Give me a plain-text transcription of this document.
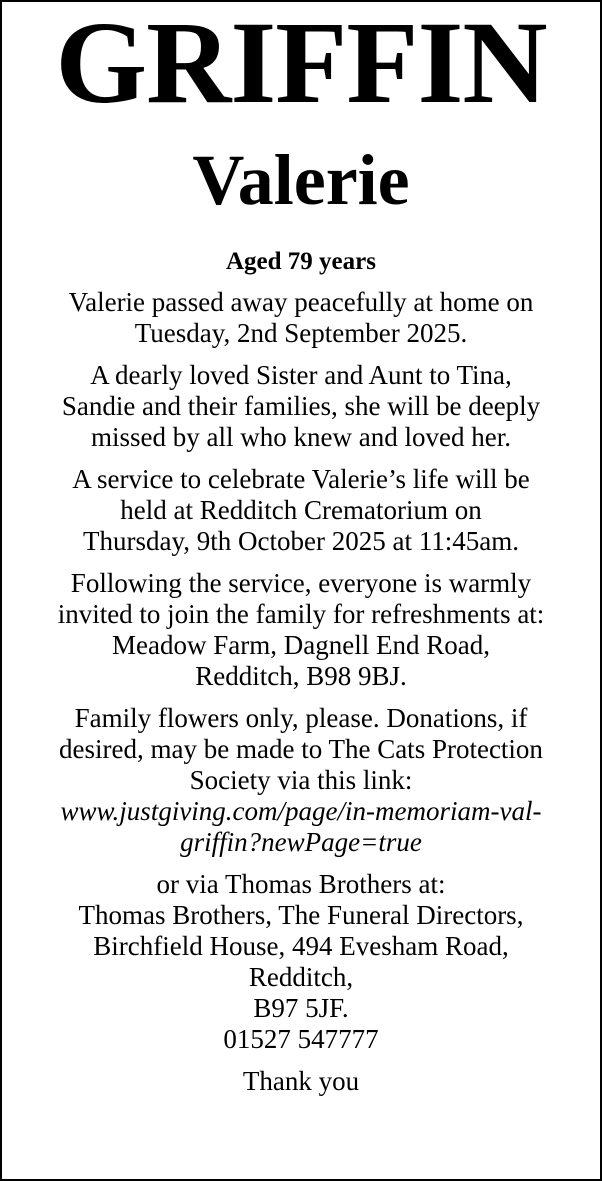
GRIFFIN
Valerie

Aged 79 years

Valerie passed away peacefully at home on
Tuesday, 2nd September 2025.

A dearly loved Sister and Aunt to Tina,
Sandie and their families, she will be deeply
missed by all who knew and loved her.

A service to celebrate Valerie’s life will be
held at Redditch Crematorium on
Thursday, 9th October 2025 at 11:45am.

Following the service, everyone is warmly
invited to join the family for refreshments at:
Meadow Farm, Dagnell End Road,
Redditch, B98 9BJ.

Family flowers only, please. Donations, if
desired, may be made to The Cats Protection
Society via this link:
www.justgiving.com/page/in-memoriam-val-
griffin?newPage=true

or via Thomas Brothers at:
Thomas Brothers, The Funeral Directors,
Birchfield House, 494 Evesham Road,
Redditch,
B97 5JF.
01527 547777

Thank you
